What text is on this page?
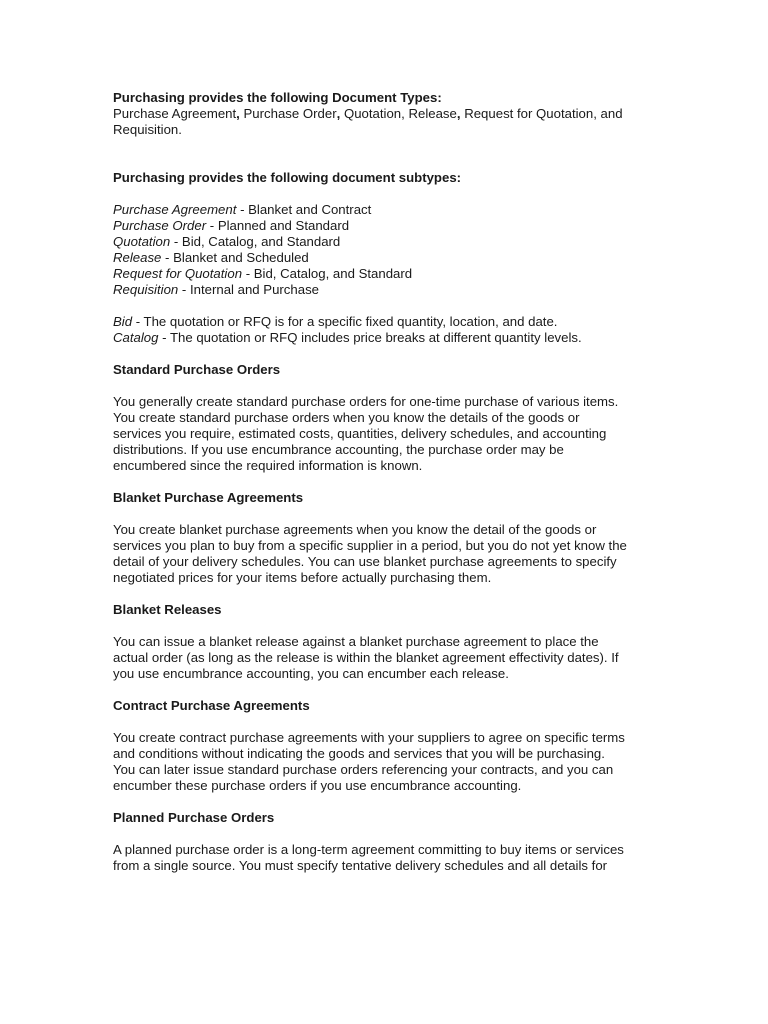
Purchasing provides the following Document Types:

Purchase Agreement, Purchase Order, Quotation, Release, Request for Quotation, and

Requisition.

Purchasing provides the following document subtypes:

Purchase Agreement - Blanket and Contract

Purchase Order - Planned and Standard

Quotation - Bid, Catalog, and Standard

Release - Blanket and Scheduled

Request for Quotation - Bid, Catalog, and Standard

Requisition - Internal and Purchase

Bid - The quotation or RFQ is for a specific fixed quantity, location, and date.

Catalog - The quotation or RFQ includes price breaks at different quantity levels.

Standard Purchase Orders

You generally create standard purchase orders for one-time purchase of various items.

You create standard purchase orders when you know the details of the goods or

services you require, estimated costs, quantities, delivery schedules, and accounting

distributions. If you use encumbrance accounting, the purchase order may be

encumbered since the required information is known.

Blanket Purchase Agreements

You create blanket purchase agreements when you know the detail of the goods or

services you plan to buy from a specific supplier in a period, but you do not yet know the

detail of your delivery schedules. You can use blanket purchase agreements to specify

negotiated prices for your items before actually purchasing them.

Blanket Releases

You can issue a blanket release against a blanket purchase agreement to place the

actual order (as long as the release is within the blanket agreement effectivity dates). If

you use encumbrance accounting, you can encumber each release.

Contract Purchase Agreements

You create contract purchase agreements with your suppliers to agree on specific terms

and conditions without indicating the goods and services that you will be purchasing.

You can later issue standard purchase orders referencing your contracts, and you can

encumber these purchase orders if you use encumbrance accounting.

Planned Purchase Orders

A planned purchase order is a long-term agreement committing to buy items or services

from a single source. You must specify tentative delivery schedules and all details for
